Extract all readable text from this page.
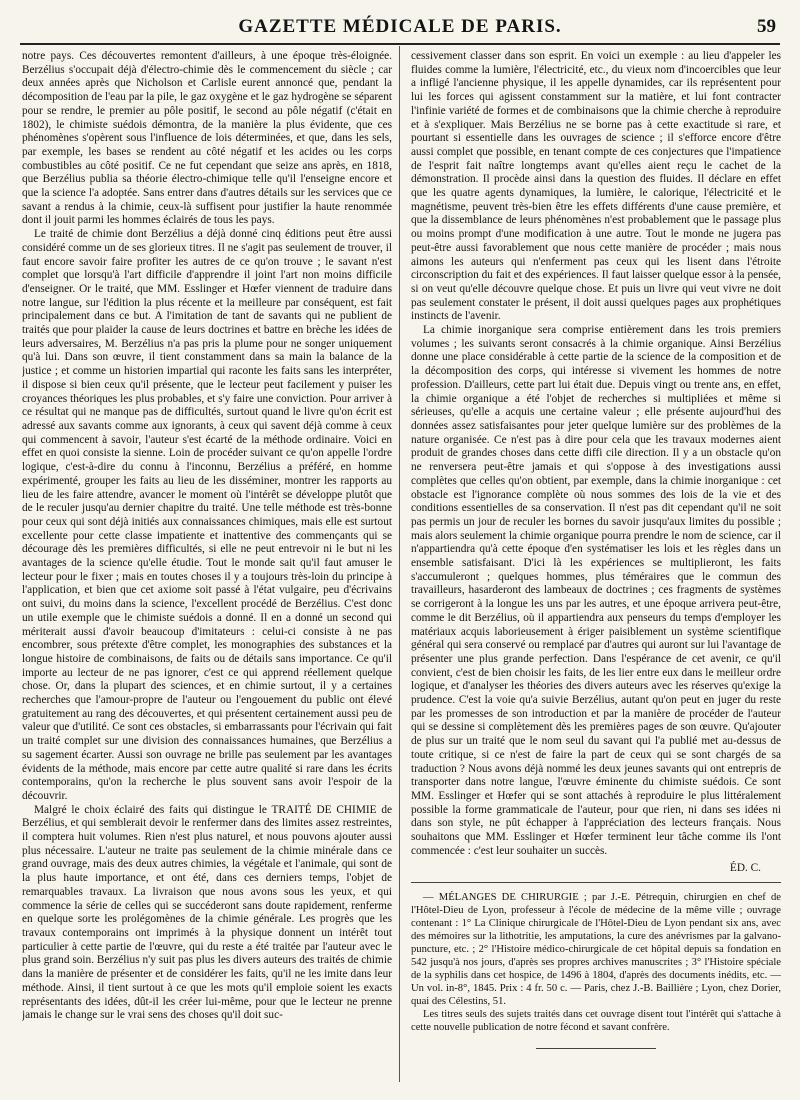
GAZETTE MÉDICALE DE PARIS.	59

notre pays. Ces découvertes remontent d'ailleurs, à une époque très-éloignée. Berzélius s'occupait déjà d'électro-chimie dès le commencement du siècle ; car deux années après que Nicholson et Carlisle eurent annoncé que, pendant la décomposition de l'eau par la pile, le gaz oxygène et le gaz hydrogène se séparent pour se rendre, le premier au pôle positif, le second au pôle négatif (c'était en 1802), le chimiste suédois démontra, de la manière la plus évidente, que ces phénomènes s'opèrent sous l'influence de lois déterminées, et que, dans les sels, par exemple, les bases se rendent au côté négatif et les acides ou les corps combustibles au côté positif. Ce ne fut cependant que seize ans après, en 1818, que Berzélius publia sa théorie électro-chimique telle qu'il l'enseigne encore et que la science l'a adoptée. Sans entrer dans d'autres détails sur les services que ce savant a rendus à la chimie, ceux-là suffisent pour justifier la haute renommée dont il jouit parmi les hommes éclairés de tous les pays.

Le traité de chimie dont Berzélius a déjà donné cinq éditions peut être aussi considéré comme un de ses glorieux titres. Il ne s'agit pas seulement de trouver, il faut encore savoir faire profiter les autres de ce qu'on trouve ; le savant n'est complet que lorsqu'à l'art difficile d'apprendre il joint l'art non moins difficile d'enseigner. Or le traité, que MM. Esslinger et Hœfer viennent de traduire dans notre langue, sur l'édition la plus récente et la meilleure par conséquent, est fait principalement dans ce but. A l'imitation de tant de savants qui ne publient de traités que pour plaider la cause de leurs doctrines et battre en brèche les idées de leurs adversaires, M. Berzélius n'a pas pris la plume pour ne songer uniquement qu'à lui. Dans son œuvre, il tient constamment dans sa main la balance de la justice ; et comme un historien impartial qui raconte les faits sans les interpréter, il dispose si bien ceux qu'il présente, que le lecteur peut facilement y puiser les croyances théoriques les plus probables, et s'y faire une conviction. Pour arriver à ce résultat qui ne manque pas de difficultés, surtout quand le livre qu'on écrit est adressé aux savants comme aux ignorants, à ceux qui savent déjà comme à ceux qui commencent à savoir, l'auteur s'est écarté de la méthode ordinaire. Voici en effet en quoi consiste la sienne. Loin de procéder suivant ce qu'on appelle l'ordre logique, c'est-à-dire du connu à l'inconnu, Berzélius a préféré, en homme expérimenté, grouper les faits au lieu de les disséminer, montrer les rapports au lieu de les faire attendre, avancer le moment où l'intérêt se développe plutôt que de le reculer jusqu'au dernier chapitre du traité. Une telle méthode est très-bonne pour ceux qui sont déjà initiés aux connaissances chimiques, mais elle est surtout excellente pour cette classe impatiente et inattentive des commençants qui se décourage dès les premières difficultés, si elle ne peut entrevoir ni le but ni les avantages de la science qu'elle étudie. Tout le monde sait qu'il faut amuser le lecteur pour le fixer ; mais en toutes choses il y a toujours très-loin du principe à l'application, et bien que cet axiome soit passé à l'état vulgaire, peu d'écrivains ont suivi, du moins dans la science, l'excellent procédé de Berzélius. C'est donc un utile exemple que le chimiste suédois a donné. Il en a donné un second qui mériterait aussi d'avoir beaucoup d'imitateurs : celui-ci consiste à ne pas encombrer, sous prétexte d'être complet, les monographies des substances et la longue histoire de combinaisons, de faits ou de détails sans importance. Ce qu'il importe au lecteur de ne pas ignorer, c'est ce qui apprend réellement quelque chose. Or, dans la plupart des sciences, et en chimie surtout, il y a certaines recherches que l'amour-propre de l'auteur ou l'engouement du public ont élevé gratuitement au rang des découvertes, et qui présentent certainement aussi peu de valeur que d'utilité. Ce sont ces obstacles, si embarrassants pour l'écrivain qui fait un traité complet sur une division des connaissances humaines, que Berzélius a su sagement écarter. Aussi son ouvrage ne brille pas seulement par les avantages évidents de la méthode, mais encore par cette autre qualité si rare dans les écrits contemporains, qu'on la recherche le plus souvent sans avoir l'espoir de la découvrir.

Malgré le choix éclairé des faits qui distingue le TRAITÉ DE CHIMIE de Berzélius, et qui semblerait devoir le renfermer dans des limites assez restreintes, il comptera huit volumes. Rien n'est plus naturel, et nous pouvons ajouter aussi plus nécessaire. L'auteur ne traite pas seulement de la chimie minérale dans ce grand ouvrage, mais des deux autres chimies, la végétale et l'animale, qui sont de la plus haute importance, et ont été, dans ces derniers temps, l'objet de remarquables travaux. La livraison que nous avons sous les yeux, et qui commence la série de celles qui se succéderont sans doute rapidement, renferme en quelque sorte les prolégomènes de la chimie générale. Les progrès que les travaux contemporains ont imprimés à la physique donnent un intérêt tout particulier à cette partie de l'œuvre, qui du reste a été traitée par l'auteur avec le plus grand soin. Berzélius n'y suit pas plus les divers auteurs des traités de chimie dans la manière de présenter et de considérer les faits, qu'il ne les imite dans leur méthode. Ainsi, il tient surtout à ce que les mots qu'il emploie soient les exacts représentants des idées, dût-il les créer lui-même, pour que le lecteur ne prenne jamais le change sur le vrai sens des choses qu'il doit suc-

cessivement classer dans son esprit. En voici un exemple : au lieu d'appeler les fluides comme la lumière, l'électricité, etc., du vieux nom d'incoercibles que leur a infligé l'ancienne physique, il les appelle dynamides, car ils représentent pour lui les forces qui agissent constamment sur la matière, et lui font contracter l'infinie variété de formes et de combinaisons que la chimie cherche à reproduire et à s'expliquer. Mais Berzélius ne se borne pas à cette exactitude si rare, et pourtant si essentielle dans les ouvrages de science ; il s'efforce encore d'être aussi complet que possible, en tenant compte de ces conjectures que l'impatience de l'esprit fait naître longtemps avant qu'elles aient reçu le cachet de la démonstration. Il procède ainsi dans la question des fluides. Il déclare en effet que les quatre agents dynamiques, la lumière, le calorique, l'électricité et le magnétisme, peuvent très-bien être les effets différents d'une cause première, et que la dissemblance de leurs phénomènes n'est probablement que le passage plus ou moins prompt d'une modification à une autre. Tout le monde ne jugera pas peut-être aussi favorablement que nous cette manière de procéder ; mais nous aimons les auteurs qui n'enferment pas ceux qui les lisent dans l'étroite circonscription du fait et des expériences. Il faut laisser quelque essor à la pensée, si on veut qu'elle découvre quelque chose. Et puis un livre qui veut vivre ne doit pas seulement constater le présent, il doit aussi quelques pages aux prophétiques instincts de l'avenir.

La chimie inorganique sera comprise entièrement dans les trois premiers volumes ; les suivants seront consacrés à la chimie organique. Ainsi Berzélius donne une place considérable à cette partie de la science de la composition et de la décomposition des corps, qui intéresse si vivement les hommes de notre profession. D'ailleurs, cette part lui était due. Depuis vingt ou trente ans, en effet, la chimie organique a été l'objet de recherches si multipliées et même si sérieuses, qu'elle a acquis une certaine valeur ; elle présente aujourd'hui des données assez satisfaisantes pour jeter quelque lumière sur des problèmes de la nature organisée. Ce n'est pas à dire pour cela que les travaux modernes aient produit de grandes choses dans cette diffi cile direction. Il y a un obstacle qu'on ne renversera peut-être jamais et qui s'oppose à des investigations aussi complètes que celles qu'on obtient, par exemple, dans la chimie inorganique : cet obstacle est l'ignorance complète où nous sommes des lois de la vie et des conditions essentielles de sa conservation. Il n'est pas dit cependant qu'il ne soit pas permis un jour de reculer les bornes du savoir jusqu'aux limites du possible ; mais alors seulement la chimie organique pourra prendre le nom de science, car il n'appartiendra qu'à cette époque d'en systématiser les lois et les règles dans un ensemble satisfaisant. D'ici là les expériences se multiplieront, les faits s'accumuleront ; quelques hommes, plus téméraires que le commun des travailleurs, hasarderont des lambeaux de doctrines ; ces fragments de systèmes se corrigeront à la longue les uns par les autres, et une époque arrivera peut-être, comme le dit Berzélius, où il appartiendra aux penseurs du temps d'employer les matériaux acquis laborieusement à ériger paisiblement un système scientifique général qui sera conservé ou remplacé par d'autres qui auront sur lui l'avantage de présenter une plus grande perfection. Dans l'espérance de cet avenir, ce qu'il convient, c'est de bien choisir les faits, de les lier entre eux dans le meilleur ordre logique, et d'analyser les théories des divers auteurs avec les réserves qu'exige la prudence. C'est la voie qu'a suivie Berzélius, autant qu'on peut en juger du reste par les promesses de son introduction et par la manière de procéder de l'auteur qui se dessine si complètement dès les premières pages de son œuvre. Qu'ajouter de plus sur un traité que le nom seul du savant qui l'a publié met au-dessus de toute critique, si ce n'est de faire la part de ceux qui se sont chargés de sa traduction ? Nous avons déjà nommé les deux jeunes savants qui ont entrepris de transporter dans notre langue, l'œuvre éminente du chimiste suédois. Ce sont MM. Esslinger et Hœfer qui se sont attachés à reproduire le plus littéralement possible la forme grammaticale de l'auteur, pour que rien, ni dans ses idées ni dans son style, ne pût échapper à l'appréciation des lecteurs français. Nous souhaitons que MM. Esslinger et Hœfer terminent leur tâche comme ils l'ont commencée : c'est leur souhaiter un succès.

ÉD. C.

— MÉLANGES DE CHIRURGIE ; par J.-E. Pétrequin, chirurgien en chef de l'Hôtel-Dieu de Lyon, professeur à l'école de médecine de la même ville ; ouvrage contenant : 1° La Clinique chirurgicale de l'Hôtel-Dieu de Lyon pendant six ans, avec des mémoires sur la lithotritie, les amputations, la cure des anévrismes par la galvano-puncture, etc. ; 2° l'Histoire médico-chirurgicale de cet hôpital depuis sa fondation en 542 jusqu'à nos jours, d'après ses propres archives manuscrites ; 3° l'Histoire spéciale de la syphilis dans cet hospice, de 1496 à 1804, d'après des documents inédits, etc. — Un vol. in-8°, 1845. Prix : 4 fr. 50 c. — Paris, chez J.-B. Baillière ; Lyon, chez Dorier, quai des Célestins, 51.

Les titres seuls des sujets traités dans cet ouvrage disent tout l'intérêt qui s'attache à cette nouvelle publication de notre fécond et savant confrère.
